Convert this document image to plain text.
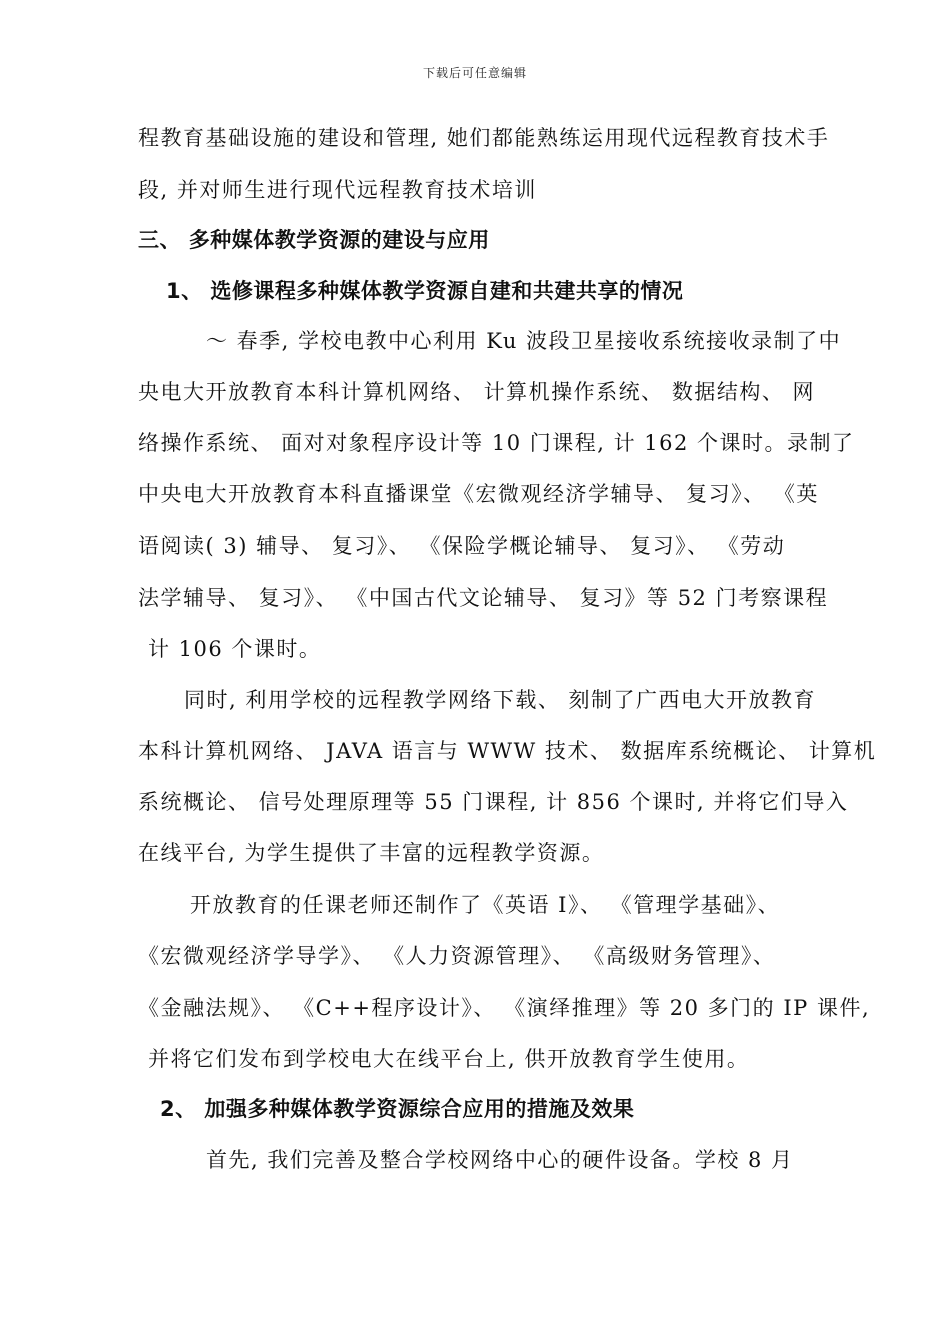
下载后可任意编辑
程教育基础设施的建设和管理, 她们都能熟练运用现代远程教育技术手
段, 并对师生进行现代远程教育技术培训
三、 多种媒体教学资源的建设与应用
1、 选修课程多种媒体教学资源自建和共建共享的情况
～ 春季, 学校电教中心利用 Ku 波段卫星接收系统接收录制了中
央电大开放教育本科计算机网络、 计算机操作系统、 数据结构、 网
络操作系统、 面对对象程序设计等 10 门课程, 计 162 个课时。录制了
中央电大开放教育本科直播课堂《宏微观经济学辅导、 复习》、 《英
语阅读( 3) 辅导、 复习》、 《保险学概论辅导、 复习》、 《劳动
法学辅导、 复习》、 《中国古代文论辅导、 复习》等 52 门考察课程
计 106 个课时。
同时, 利用学校的远程教学网络下载、 刻制了广西电大开放教育
本科计算机网络、 JAVA 语言与 WWW 技术、 数据库系统概论、 计算机
系统概论、 信号处理原理等 55 门课程, 计 856 个课时, 并将它们导入
在线平台, 为学生提供了丰富的远程教学资源。
开放教育的任课老师还制作了《英语 I》、 《管理学基础》、
《宏微观经济学导学》、 《人力资源管理》、 《高级财务管理》、
《金融法规》、 《C++程序设计》、 《演绎推理》等 20 多门的 IP 课件,
并将它们发布到学校电大在线平台上, 供开放教育学生使用。
2、 加强多种媒体教学资源综合应用的措施及效果
首先, 我们完善及整合学校网络中心的硬件设备。学校 8 月
